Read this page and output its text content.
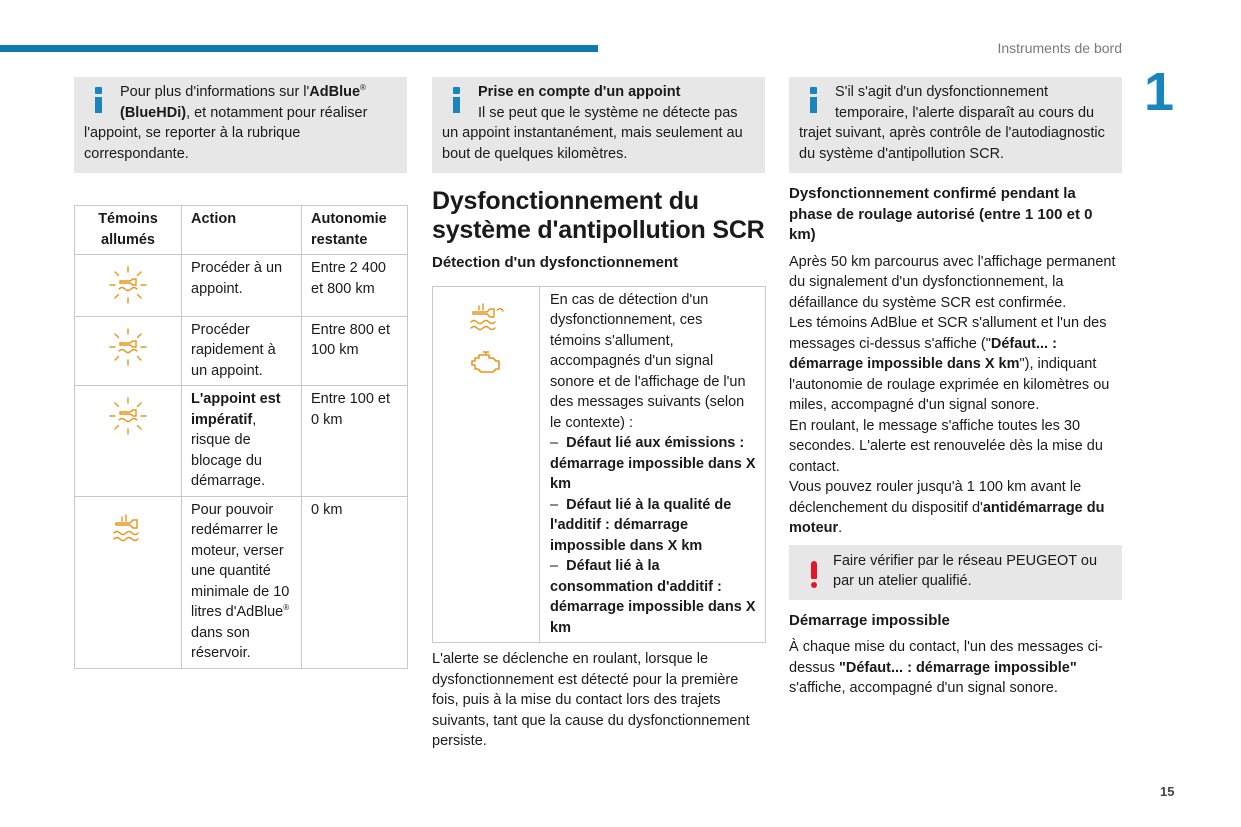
Instruments de bord
1
Pour plus d'informations sur l'AdBlue® (BlueHDi), et notamment pour réaliser l'appoint, se reporter à la rubrique correspondante.
Témoins allumés	Action	Autonomie restante
	Procéder à un appoint.	Entre 2 400 et 800 km
	Procéder rapidement à un appoint.	Entre 800 et 100 km
	L'appoint est impératif, risque de blocage du démarrage.	Entre 100 et 0 km
	Pour pouvoir redémarrer le moteur, verser une quantité minimale de 10 litres d'AdBlue® dans son réservoir.	0 km
Prise en compte d'un appoint
Il se peut que le système ne détecte pas un appoint instantanément, mais seulement au bout de quelques kilomètres.
Dysfonctionnement du système d'antipollution SCR
Détection d'un dysfonctionnement

En cas de détection d'un dysfonctionnement, ces témoins s'allument, accompagnés d'un signal sonore et de l'affichage de l'un des messages suivants (selon le contexte) :
– Défaut lié aux émissions : démarrage impossible dans X km
– Défaut lié à la qualité de l'additif : démarrage impossible dans X km
– Défaut lié à la consommation d'additif : démarrage impossible dans X km

L'alerte se déclenche en roulant, lorsque le dysfonctionnement est détecté pour la première fois, puis à la mise du contact lors des trajets suivants, tant que la cause du dysfonctionnement persiste.

S'il s'agit d'un dysfonctionnement temporaire, l'alerte disparaît au cours du trajet suivant, après contrôle de l'autodiagnostic du système d'antipollution SCR.
Dysfonctionnement confirmé pendant la phase de roulage autorisé (entre 1 100 et 0 km)

Après 50 km parcourus avec l'affichage permanent du signalement d'un dysfonctionnement, la défaillance du système SCR est confirmée.

Les témoins AdBlue et SCR s'allument et l'un des messages ci-dessus s'affiche ("Défaut... : démarrage impossible dans X km"), indiquant l'autonomie de roulage exprimée en kilomètres ou miles, accompagné d'un signal sonore.

En roulant, le message s'affiche toutes les 30 secondes. L'alerte est renouvelée dès la mise du contact.

Vous pouvez rouler jusqu'à 1 100 km avant le déclenchement du dispositif d'antidémarrage du moteur.

Faire vérifier par le réseau PEUGEOT ou par un atelier qualifié.
Démarrage impossible

À chaque mise du contact, l'un des messages ci-dessus "Défaut... : démarrage impossible" s'affiche, accompagné d'un signal sonore.

15
